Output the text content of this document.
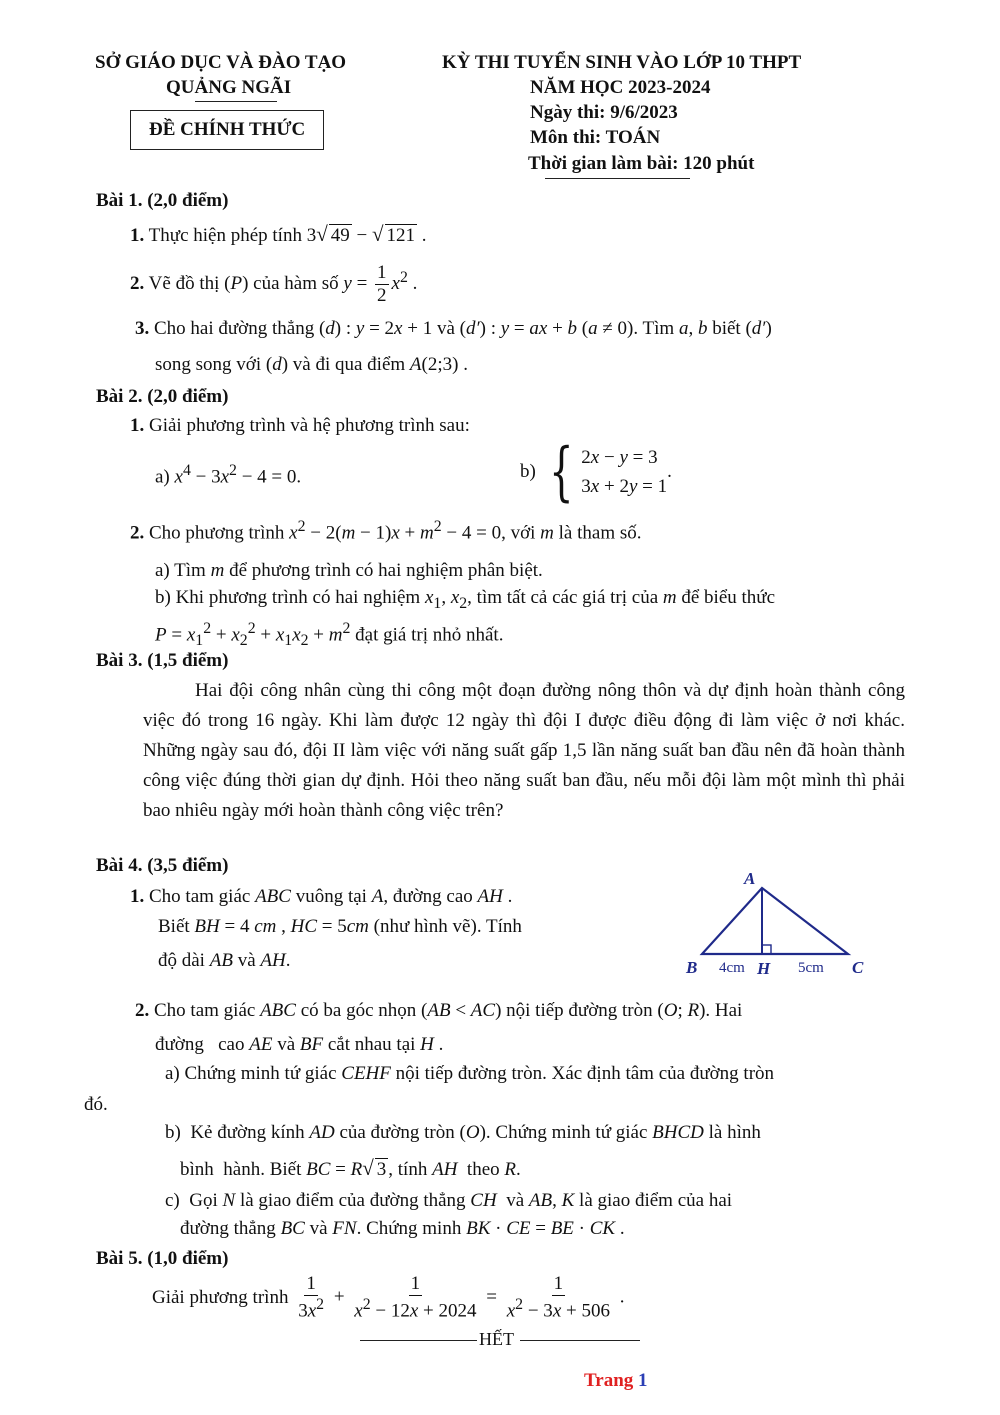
SỞ GIÁO DỤC VÀ ĐÀO TẠO
QUẢNG NGÃI
ĐỀ CHÍNH THỨC
KỲ THI TUYỂN SINH VÀO LỚP 10 THPT
NĂM HỌC 2023-2024
Ngày thi: 9/6/2023
Môn thi: TOÁN
Thời gian làm bài: 120 phút
Bài 1. (2,0 điểm)

1. Thực hiện phép tính 3√ 49 − √ 121 .

2. Vẽ đồ thị (P) của hàm số $y = \frac{1}{2} x^2$ .

3. Cho hai đường thẳng (d) : y = 2x + 1 và (d′) : y = ax + b (a ≠ 0). Tìm a, b biết (d′)

song song với (d) và đi qua điểm A(2;3) .

Bài 2. (2,0 điểm)

1. Giải phương trình và hệ phương trình sau:

a) $x^4 - 3x^2 - 4 = 0$.	b) { 2x − y = 3
3x + 2y = 1
.

2. Cho phương trình $x^2 - 2(m - 1)x + m^2 - 4 = 0$, với m là tham số.

a) Tìm m để phương trình có hai nghiệm phân biệt.

b) Khi phương trình có hai nghiệm $x_1$, $x_2$, tìm tất cả các giá trị của m để biểu thức

$P = x_1^2 + x_2^2 + x_1x_2 + m^2$ đạt giá trị nhỏ nhất.

Bài 3. (1,5 điểm)
Hai đội công nhân cùng thi công một đoạn đường nông thôn và dự định hoàn thành công việc đó trong 16 ngày. Khi làm được 12 ngày thì đội I được điều động đi làm việc ở nơi khác. Những ngày sau đó, đội II làm việc với năng suất gấp 1,5 lần năng suất ban đầu nên đã hoàn thành công việc đúng thời gian dự định. Hỏi theo năng suất ban đầu, nếu mỗi đội làm một mình thì phải bao nhiêu ngày mới hoàn thành công việc trên?
Bài 4. (3,5 điểm)

1. Cho tam giác ABC vuông tại A, đường cao AH .

Biết BH = 4 cm , HC = 5cm (như hình vẽ). Tính

độ dài AB và AH.

A
B	C
H
4cm	5cm

2. Cho tam giác ABC có ba góc nhọn (AB < AC) nội tiếp đường tròn (O; R). Hai

đường   cao AE và BF cắt nhau tại H .

a) Chứng minh tứ giác CEHF nội tiếp đường tròn. Xác định tâm của đường tròn

đó.

b)  Kẻ đường kính AD của đường tròn (O). Chứng minh tứ giác BHCD là hình

bình  hành. Biết BC = R√ 3 , tính AH theo R.

c)  Gọi N là giao điểm của đường thẳng CH và AB, K là giao điểm của hai

đường thẳng BC và FN. Chứng minh BK · CE = BE · CK .

Bài 5. (1,0 điểm)

Giải phương trình $\frac{1}{3x^2} + \frac{1}{x^2 - 12x + 2024} = \frac{1}{x^2 - 3x + 506}$ .

HẾT
Trang 1
